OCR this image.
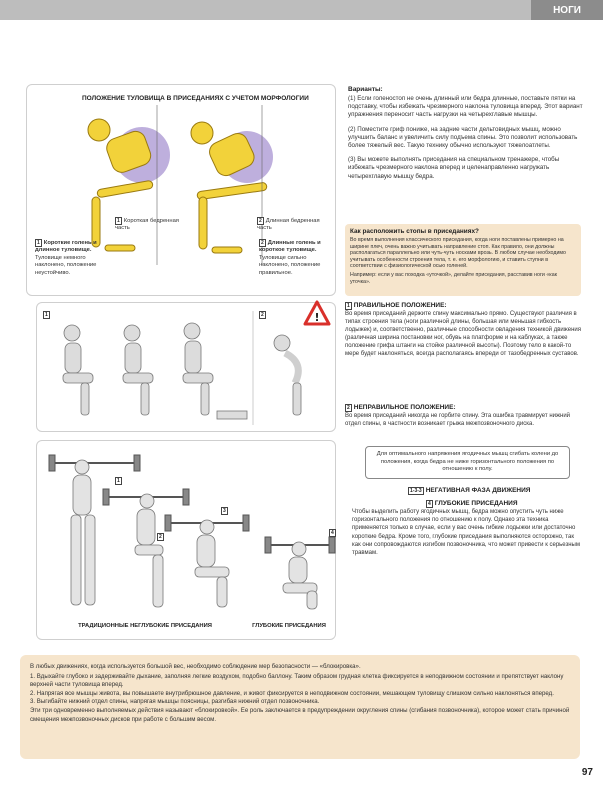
НОГИ
ПОЛОЖЕНИЕ ТУЛОВИЩА В ПРИСЕДАНИЯХ С УЧЕТОМ МОРФОЛОГИИ
1 Короткая бедренная часть
2 Длинная бедренная часть
1 Короткие голень и длинное туловище.
Туловище немного наклонено, положение неустойчиво.
2 Длинные голень и короткое туловище.
Туловище сильно наклонено, положение правильное.
Варианты:
(1) Если голеностоп не очень длинный или бедра длинные, поставьте пятки на подставку, чтобы избежать чрезмерного наклона туловища вперед. Этот вариант упражнения переносит часть нагрузки на четырехглавые мышцы.
(2) Поместите гриф пониже, на задние части дельтовидных мышц, можно улучшить баланс и увеличить силу подъема спины. Это позволит использовать более тяжелый вес. Такую технику обычно используют тяжелоатлеты.
(3) Вы можете выполнять приседания на специальном тренажере, чтобы избежать чрезмерного наклона вперед и целенаправленно нагружать четырехглавую мышцу бедра.
Как расположить стопы в приседаниях?
Во время выполнения классического приседания, когда ноги поставлены примерно на ширине плеч, очень важно учитывать направление стоп. Как правило, они должны располагаться параллельно или чуть-чуть носками врозь. В любом случае необходимо учитывать особенности строения тела, т. е. его морфологию, и ставить ступни в соответствии с физиологической осью голеней.
Например: если у вас походка «уточкой», делайте приседания, расставив ноги «как уточка».
1	2	!
1 ПРАВИЛЬНОЕ ПОЛОЖЕНИЕ:
Во время приседаний держите спину максимально прямо. Существуют различия в типах строения тела (ноги различной длины, большая или меньшая гибкость лодыжек) и, соответственно, различные способности овладения техникой движения (различная ширина постановки ног, обувь на платформе и на каблуках, а также положение грифа штанги на стойке различной высоты). Поэтому тело в какой-то мере будет наклоняться, всегда располагаясь впереди от тазобедренных суставов.
2 НЕПРАВИЛЬНОЕ ПОЛОЖЕНИЕ:
Во время приседаний никогда не горбите спину. Эта ошибка травмирует нижний отдел спины, в частности возникает грыжа межпозвоночного диска.
Для оптимального напряжения ягодичных мышц сгибать колени до положения, когда бедра не ниже горизонтального положения по отношению к полу.
1
2
3
4
ТРАДИЦИОННЫЕ НЕГЛУБОКИЕ ПРИСЕДАНИЯ	ГЛУБОКИЕ ПРИСЕДАНИЯ
1-3-3 НЕГАТИВНАЯ ФАЗА ДВИЖЕНИЯ
4 ГЛУБОКИЕ ПРИСЕДАНИЯ
Чтобы выделить работу ягодичных мышц, бедра можно опустить чуть ниже горизонтального положения по отношению к полу. Однако эта техника применяется только в случае, если у вас очень гибкие лодыжки или достаточно короткие бедра. Кроме того, глубокие приседания выполняются осторожно, так как они сопровождаются изгибом позвоночника, что может привести к серьезным травмам.
В любых движениях, когда используется большой вес, необходимо соблюдение мер безопасности — «блокировка».
1. Вдыхайте глубоко и задерживайте дыхание, заполняя легкие воздухом, подобно баллону. Таким образом грудная клетка фиксируется в неподвижном состоянии и препятствует наклону верхней части туловища вперед.
2. Напрягая все мышцы живота, вы повышаете внутрибрюшное давление, и живот фиксируется в неподвижном состоянии, мешающем туловищу слишком сильно наклоняться вперед.
3. Выгибайте нижний отдел спины, напрягая мышцы поясницы, разгибая нижний отдел позвоночника.
Эти три одновременно выполняемых действия называют «блокировкой». Ее роль заключается в предупреждении округления спины (сгибания позвоночника), которое может стать причиной смещения межпозвоночных дисков при работе с большим весом.
97
